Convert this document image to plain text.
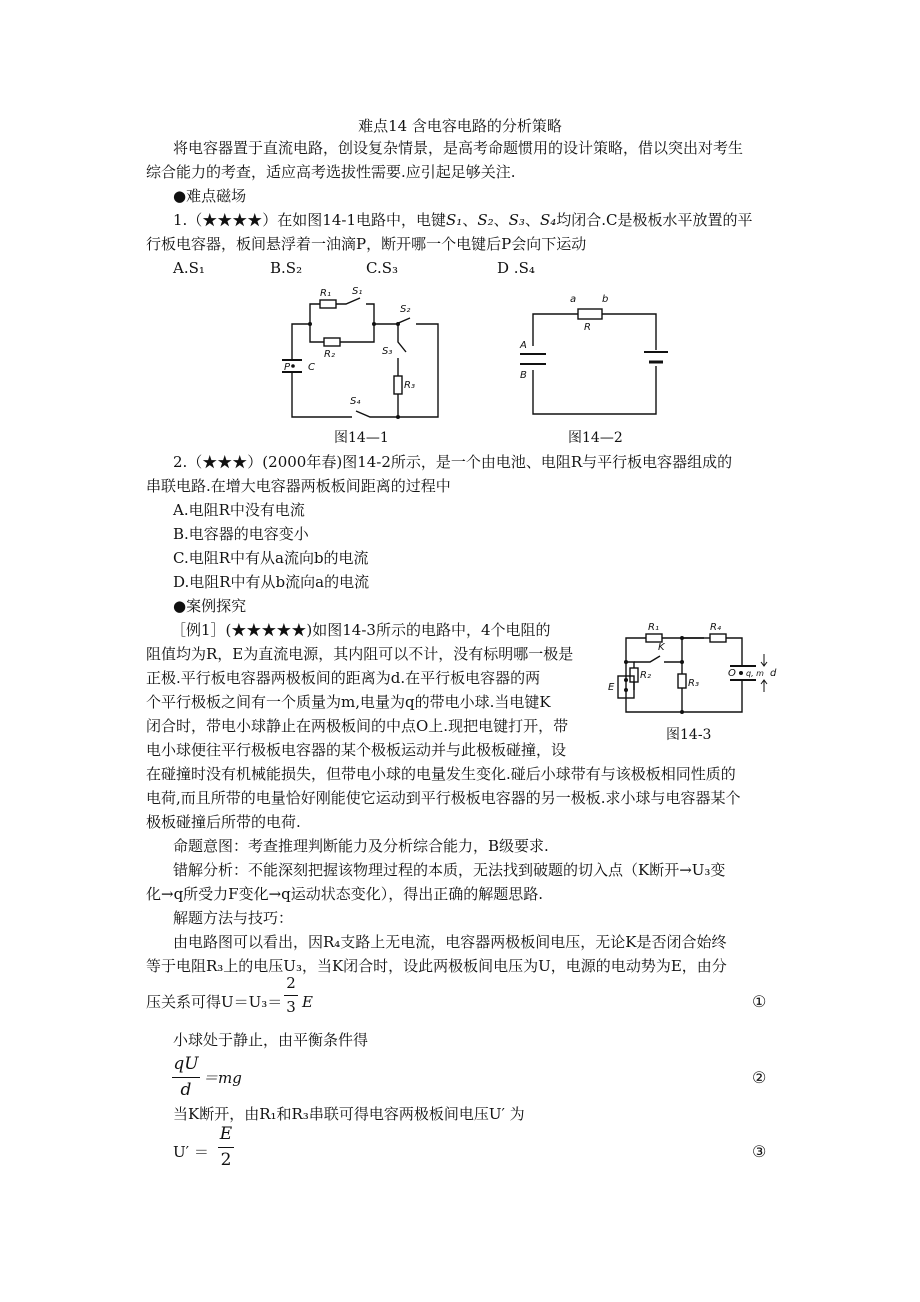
难点14 含电容电路的分析策略
将电容器置于直流电路，创设复杂情景，是高考命题惯用的设计策略，借以突出对考生
综合能力的考查，适应高考选拔性需要.应引起足够关注.
●难点磁场
1.（★★★★）在如图14-1电路中，电键S₁、S₂、S₃、S₄均闭合.C是极板水平放置的平
行板电容器，板间悬浮着一油滴P，断开哪一个电键后P会向下运动
A.S₁	B.S₂	C.S₃	D .S₄
R₁ S₁
S₂
R₂	S₃
R₃
S₄
P C
图14—1
a	b
R
A
B
图14—2
2.（★★★）(2000年春)图14-2所示，是一个由电池、电阻R与平行板电容器组成的
串联电路.在增大电容器两板板间距离的过程中
A.电阻R中没有电流
B.电容器的电容变小
C.电阻R中有从a流向b的电流
D.电阻R中有从b流向a的电流
●案例探究
［例1］(★★★★★)如图14-3所示的电路中，4个电阻的
阻值均为R，E为直流电源，其内阻可以不计，没有标明哪一极是
正极.平行板电容器两极板间的距离为d.在平行板电容器的两
个平行极板之间有一个质量为m,电量为q的带电小球.当电键K
闭合时，带电小球静止在两极板间的中点O上.现把电键打开，带
电小球便往平行极板电容器的某个极板运动并与此极板碰撞，设
在碰撞时没有机械能损失，但带电小球的电量发生变化.碰后小球带有与该极板相同性质的
电荷,而且所带的电量恰好刚能使它运动到平行极板电容器的另一极板.求小球与电容器某个
极板碰撞后所带的电荷.
R₁	R₄
K
R₂
R₃
E
O q, m d
图14-3
命题意图：考查推理判断能力及分析综合能力，B级要求.
错解分析：不能深刻把握该物理过程的本质，无法找到破题的切入点（K断开→U₃变
化→q所受力F变化→q运动状态变化），得出正确的解题思路.
解题方法与技巧：
由电路图可以看出，因R₄支路上无电流，电容器两极板间电压，无论K是否闭合始终
等于电阻R₃上的电压U₃，当K闭合时，设此两极板间电压为U，电源的电动势为E，由分
压关系可得U＝U₃＝
2
3 E	①
小球处于静止，由平衡条件得
qU
d
＝mg	②
当K断开，由R₁和R₃串联可得电容两极板间电压U′ 为
U′ ＝
E
2	③
